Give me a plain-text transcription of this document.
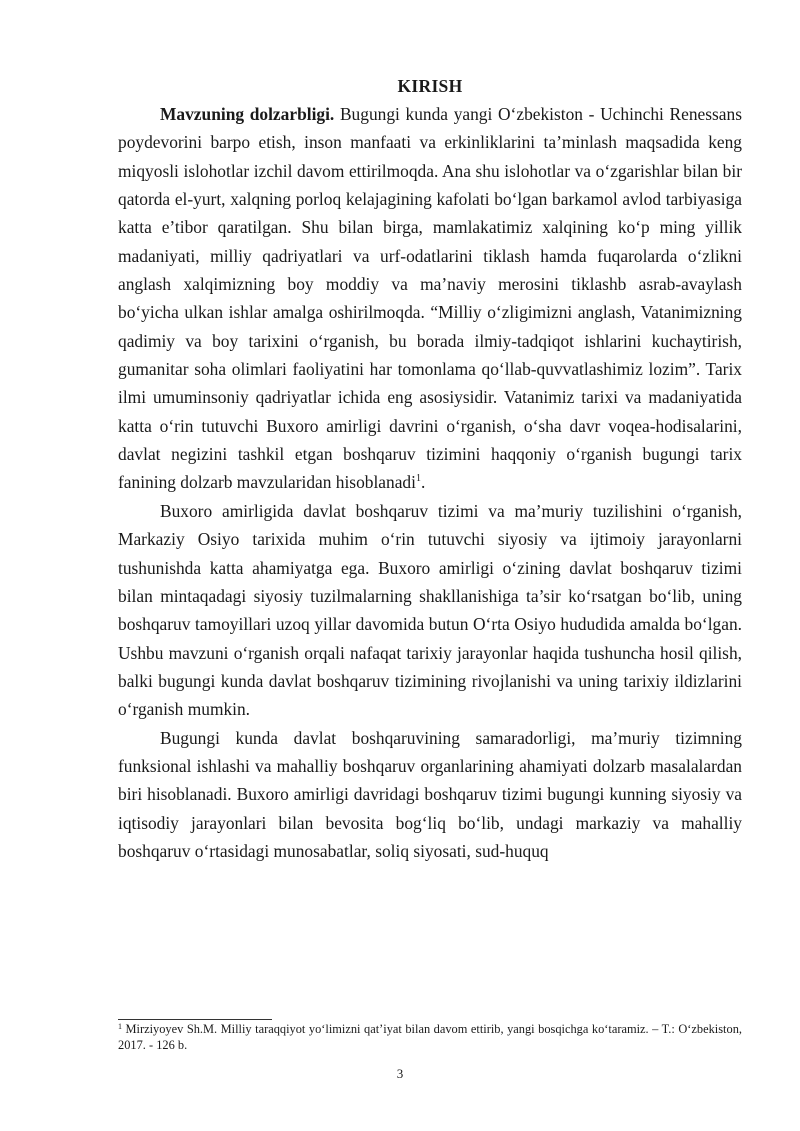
KIRISH

Mavzuning dolzarbligi. Bugungi kunda yangi O‘zbekiston - Uchinchi Renessans poydevorini barpo etish, inson manfaati va erkinliklarini ta’minlash maqsadida keng miqyosli islohotlar izchil davom ettirilmoqda. Ana shu islohotlar va o‘zgarishlar bilan bir qatorda el-yurt, xalqning porloq kelajagining kafolati bo‘lgan barkamol avlod tarbiyasiga katta e’tibor qaratilgan. Shu bilan birga, mamlakatimiz xalqining ko‘p ming yillik madaniyati, milliy qadriyatlari va urf-odatlarini tiklash hamda fuqarolarda o‘zlikni anglash xalqimizning boy moddiy va ma’naviy merosini tiklashb asrab-avaylash bo‘yicha ulkan ishlar amalga oshirilmoqda. “Milliy o‘zligimizni anglash, Vatanimizning qadimiy va boy tarixini o‘rganish, bu borada ilmiy-tadqiqot ishlarini kuchaytirish, gumanitar soha olimlari faoliyatini har tomonlama qo‘llab-quvvatlashimiz lozim”. Tarix ilmi umuminsoniy qadriyatlar ichida eng asosiysidir. Vatanimiz tarixi va madaniyatida katta o‘rin tutuvchi Buxoro amirligi davrini o‘rganish, o‘sha davr voqea-hodisalarini, davlat negizini tashkil etgan boshqaruv tizimini haqqoniy o‘rganish bugungi tarix fanining dolzarb mavzularidan hisoblanadi$^1$.

Buxoro amirligida davlat boshqaruv tizimi va ma’muriy tuzilishini o‘rganish, Markaziy Osiyo tarixida muhim o‘rin tutuvchi siyosiy va ijtimoiy jarayonlarni tushunishda katta ahamiyatga ega. Buxoro amirligi o‘zining davlat boshqaruv tizimi bilan mintaqadagi siyosiy tuzilmalarning shakllanishiga ta’sir ko‘rsatgan bo‘lib, uning boshqaruv tamoyillari uzoq yillar davomida butun O‘rta Osiyo hududida amalda bo‘lgan. Ushbu mavzuni o‘rganish orqali nafaqat tarixiy jarayonlar haqida tushuncha hosil qilish, balki bugungi kunda davlat boshqaruv tizimining rivojlanishi va uning tarixiy ildizlarini o‘rganish mumkin.

Bugungi kunda davlat boshqaruvining samaradorligi, ma’muriy tizimning funksional ishlashi va mahalliy boshqaruv organlarining ahamiyati dolzarb masalalardan biri hisoblanadi. Buxoro amirligi davridagi boshqaruv tizimi bugungi kunning siyosiy va iqtisodiy jarayonlari bilan bevosita bog‘liq bo‘lib, undagi markaziy va mahalliy boshqaruv o‘rtasidagi munosabatlar, soliq siyosati, sud-huquq

$^1$ Mirziyoyev Sh.M. Milliy taraqqiyot yo‘limizni qat’iyat bilan davom ettirib, yangi bosqichga ko‘taramiz. – T.: O‘zbekiston, 2017. - 126 b.

3
